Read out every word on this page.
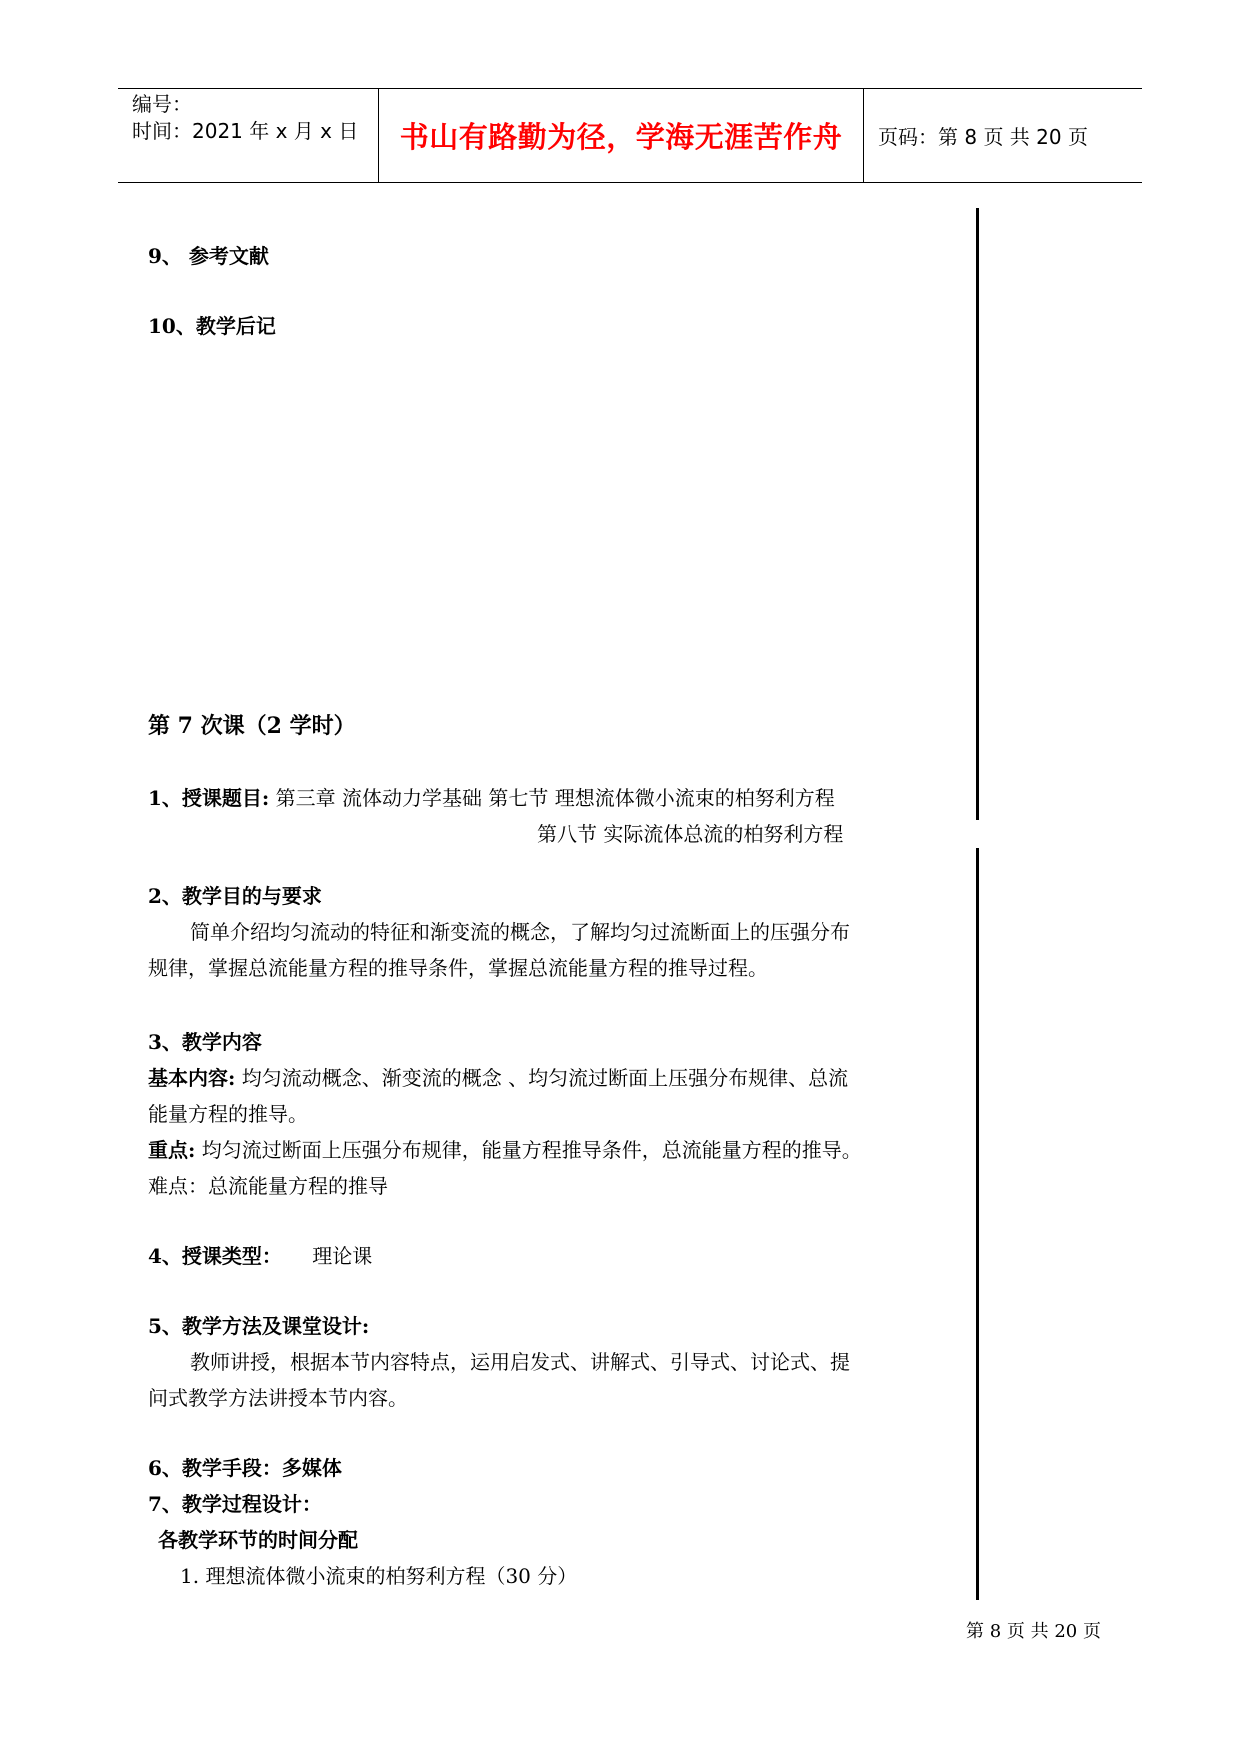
编号：
时间：2021 年 x 月 x 日	书山有路勤为径，学海无涯苦作舟	页码：第 8 页 共 20 页
9、 参考文献
10、教学后记
第 7 次课（2 学时）
1、授课题目: 第三章 流体动力学基础 第七节 理想流体微小流束的柏努利方程
第八节 实际流体总流的柏努利方程
2、教学目的与要求
简单介绍均匀流动的特征和渐变流的概念，了解均匀过流断面上的压强分布
规律，掌握总流能量方程的推导条件，掌握总流能量方程的推导过程。
3、教学内容
基本内容: 均匀流动概念、渐变流的概念 、均匀流过断面上压强分布规律、总流
能量方程的推导。
重点: 均匀流过断面上压强分布规律，能量方程推导条件，总流能量方程的推导。
难点：总流能量方程的推导
4、授课类型： 理论课
5、教学方法及课堂设计:
教师讲授，根据本节内容特点，运用启发式、讲解式、引导式、讨论式、提
问式教学方法讲授本节内容。
6、教学手段：多媒体
7、教学过程设计：
各教学环节的时间分配
1. 理想流体微小流束的柏努利方程（30 分）
第 8 页 共 20 页
